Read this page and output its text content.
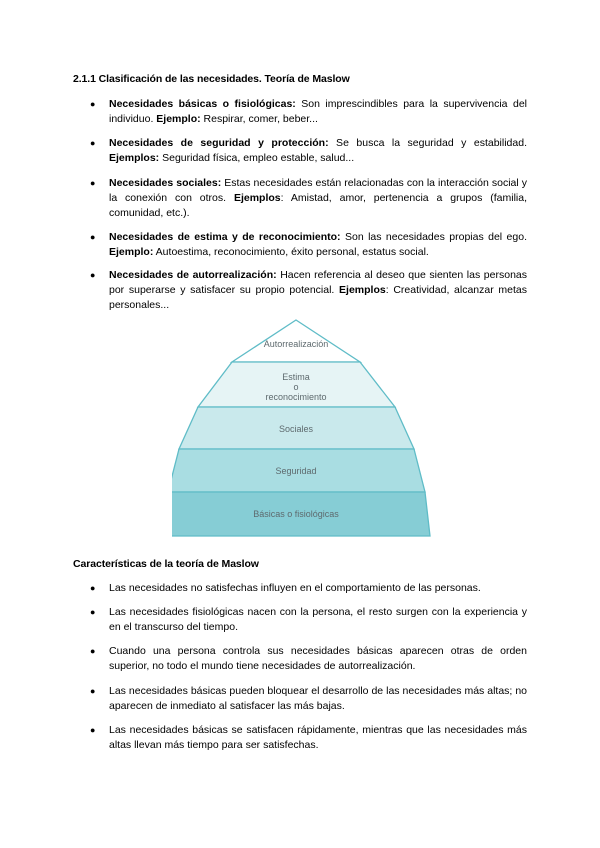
2.1.1 Clasificación de las necesidades. Teoría de Maslow
● Necesidades básicas o fisiológicas: Son imprescindibles para la supervivencia del individuo. Ejemplo: Respirar, comer, beber...
● Necesidades de seguridad y protección: Se busca la seguridad y estabilidad. Ejemplos: Seguridad física, empleo estable, salud...
● Necesidades sociales: Estas necesidades están relacionadas con la interacción social y la conexión con otros. Ejemplos: Amistad, amor, pertenencia a grupos (familia, comunidad, etc.).
● Necesidades de estima y de reconocimiento: Son las necesidades propias del ego. Ejemplo: Autoestima, reconocimiento, éxito personal, estatus social.
● Necesidades de autorrealización: Hacen referencia al deseo que sienten las personas por superarse y satisfacer su propio potencial. Ejemplos: Creatividad, alcanzar metas personales...
Autorrealización
Estima
o
reconocimiento
Sociales
Seguridad
Básicas o fisiológicas
Características de la teoría de Maslow
● Las necesidades no satisfechas influyen en el comportamiento de las personas.
● Las necesidades fisiológicas nacen con la persona, el resto surgen con la experiencia y en el transcurso del tiempo.
● Cuando una persona controla sus necesidades básicas aparecen otras de orden superior, no todo el mundo tiene necesidades de autorrealización.
● Las necesidades básicas pueden bloquear el desarrollo de las necesidades más altas; no aparecen de inmediato al satisfacer las más bajas.
● Las necesidades básicas se satisfacen rápidamente, mientras que las necesidades más altas llevan más tiempo para ser satisfechas.
